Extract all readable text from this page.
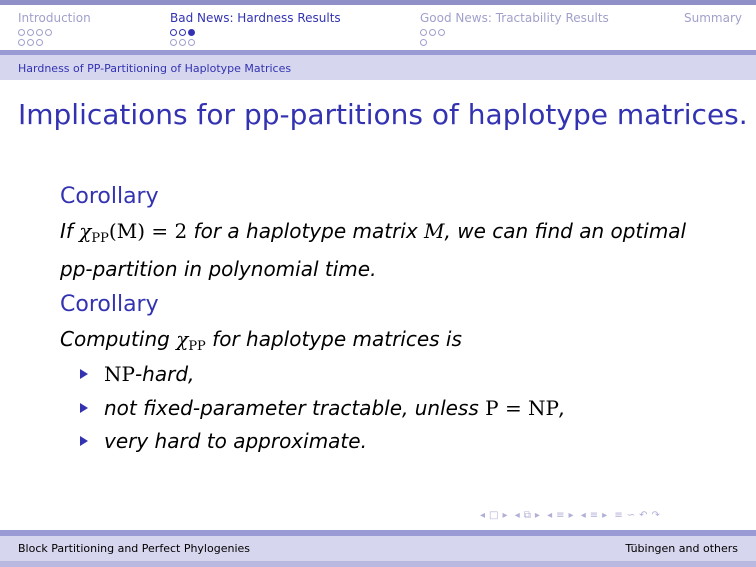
Introduction	Bad News: Hardness Results	Good News: Tractability Results	Summary
Hardness of PP-Partitioning of Haplotype Matrices
Implications for pp-partitions of haplotype matrices.
Corollary
If $\chi_{PP}(M) = 2$ for a haplotype matrix M, we can find an optimal pp-partition in polynomial time.
Corollary
Computing $\chi_{PP}$ for haplotype matrices is
NP-hard,
not fixed-parameter tractable, unless P = NP,
very hard to approximate.
◂ □ ▸ ◂ ⧉ ▸ ◂ ≡ ▸ ◂ ≡ ▸ ≡ ∽ ↶ ↷
Block Partitioning and Perfect Phylogenies	Tübingen and others
